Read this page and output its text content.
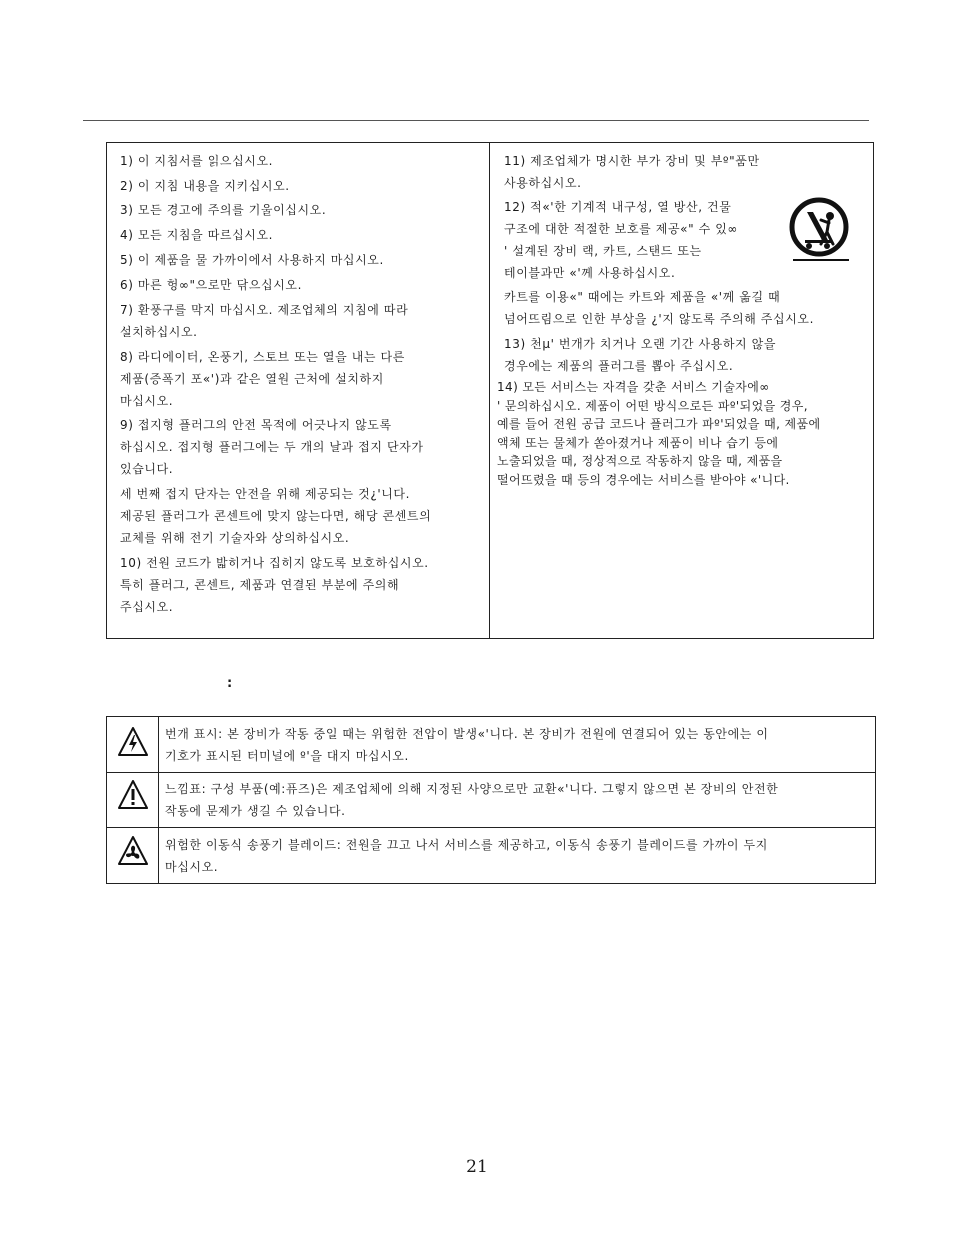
1) 이 지침서를 읽으십시오.
2) 이 지침 내용을 지키십시오.
3) 모든 경고에 주의를 기울이십시오.
4) 모든 지침을 따르십시오.
5) 이 제품을 물 가까이에서 사용하지 마십시오.
6) 마른 헝∞"으로만 닦으십시오.
7) 환풍구를 막지 마십시오. 제조업체의 지침에 따라
설치하십시오.
8) 라디에이터, 온풍기, 스토브 또는 열을 내는 다른
제품(증폭기 포«')과 같은 열원 근처에 설치하지
마십시오.
9) 접지형 플러그의 안전 목적에 어긋나지 않도록
하십시오. 접지형 플러그에는 두 개의 날과 접지 단자가
있습니다.
세 번째 접지 단자는 안전을 위해 제공되는 것¿'니다.
제공된 플러그가 콘센트에 맞지 않는다면, 해당 콘센트의
교체를 위해 전기 기술자와 상의하십시오.
10) 전원 코드가 밟히거나 집히지 않도록 보호하십시오.
특히 플러그, 콘센트, 제품과 연결된 부분에 주의해
주십시오.
11) 제조업체가 명시한 부가 장비 및 부º"품만
사용하십시오.
12) 적«'한 기계적 내구성, 열 방산, 건물
구조에 대한 적절한 보호를 제공«" 수 있∞
' 설계된 장비 랙, 카트, 스탠드 또는
테이블과만 «'께 사용하십시오.
카트를 이용«" 때에는 카트와 제품을 «'께 옮길 때
넘어뜨림으로 인한 부상을 ¿'지 않도록 주의해 주십시오.
13) 천μ' 번개가 치거나 오랜 기간 사용하지 않을
경우에는 제품의 플러그를 뽑아 주십시오.
14) 모든 서비스는 자격을 갖춘 서비스 기술자에∞
' 문의하십시오. 제품이 어떤 방식으로든 파º'되었을 경우,
예를 들어 전원 공급 코드나 플러그가 파º'되었을 때, 제품에
액체 또는 물체가 쏟아졌거나 제품이 비나 습기 등에
노출되었을 때, 정상적으로 작동하지 않을 때, 제품을
떨어뜨렸을 때 등의 경우에는 서비스를 받아야 «'니다.
:
번개 표시: 본 장비가 작동 중일 때는 위험한 전압이 발생«'니다. 본 장비가 전원에 연결되어 있는 동안에는 이
기호가 표시된 터미널에 º'을 대지 마십시오.
느낌표: 구성 부품(예:퓨즈)은 제조업체에 의해 지정된 사양으로만 교환«'니다. 그렇지 않으면 본 장비의 안전한
작동에 문제가 생길 수 있습니다.
위험한 이동식 송풍기 블레이드: 전원을 끄고 나서 서비스를 제공하고, 이동식 송풍기 블레이드를 가까이 두지
마십시오.
21
